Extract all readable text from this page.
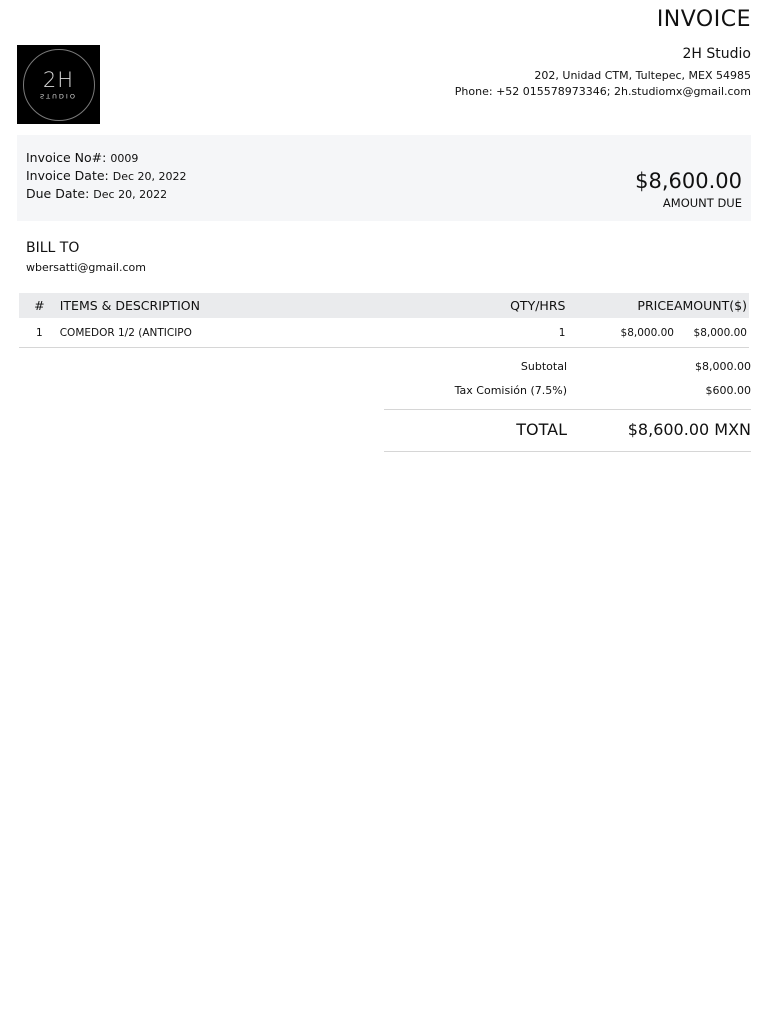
INVOICE
2H Studio
202, Unidad CTM, Tultepec, MEX 54985
Phone: +52 015578973346; 2h.studiomx@gmail.com
2H
STUDIO
Invoice No#: 0009
Invoice Date: Dec 20, 2022
Due Date: Dec 20, 2022
$8,600.00
AMOUNT DUE
BILL TO
wbersatti@gmail.com
#	ITEMS & DESCRIPTION	QTY/HRS	PRICE	AMOUNT($)
1	COMEDOR 1/2 (ANTICIPO	1	$8,000.00	$8,000.00
Subtotal	$8,000.00
Tax Comisión (7.5%)	$600.00
TOTAL	$8,600.00 MXN
